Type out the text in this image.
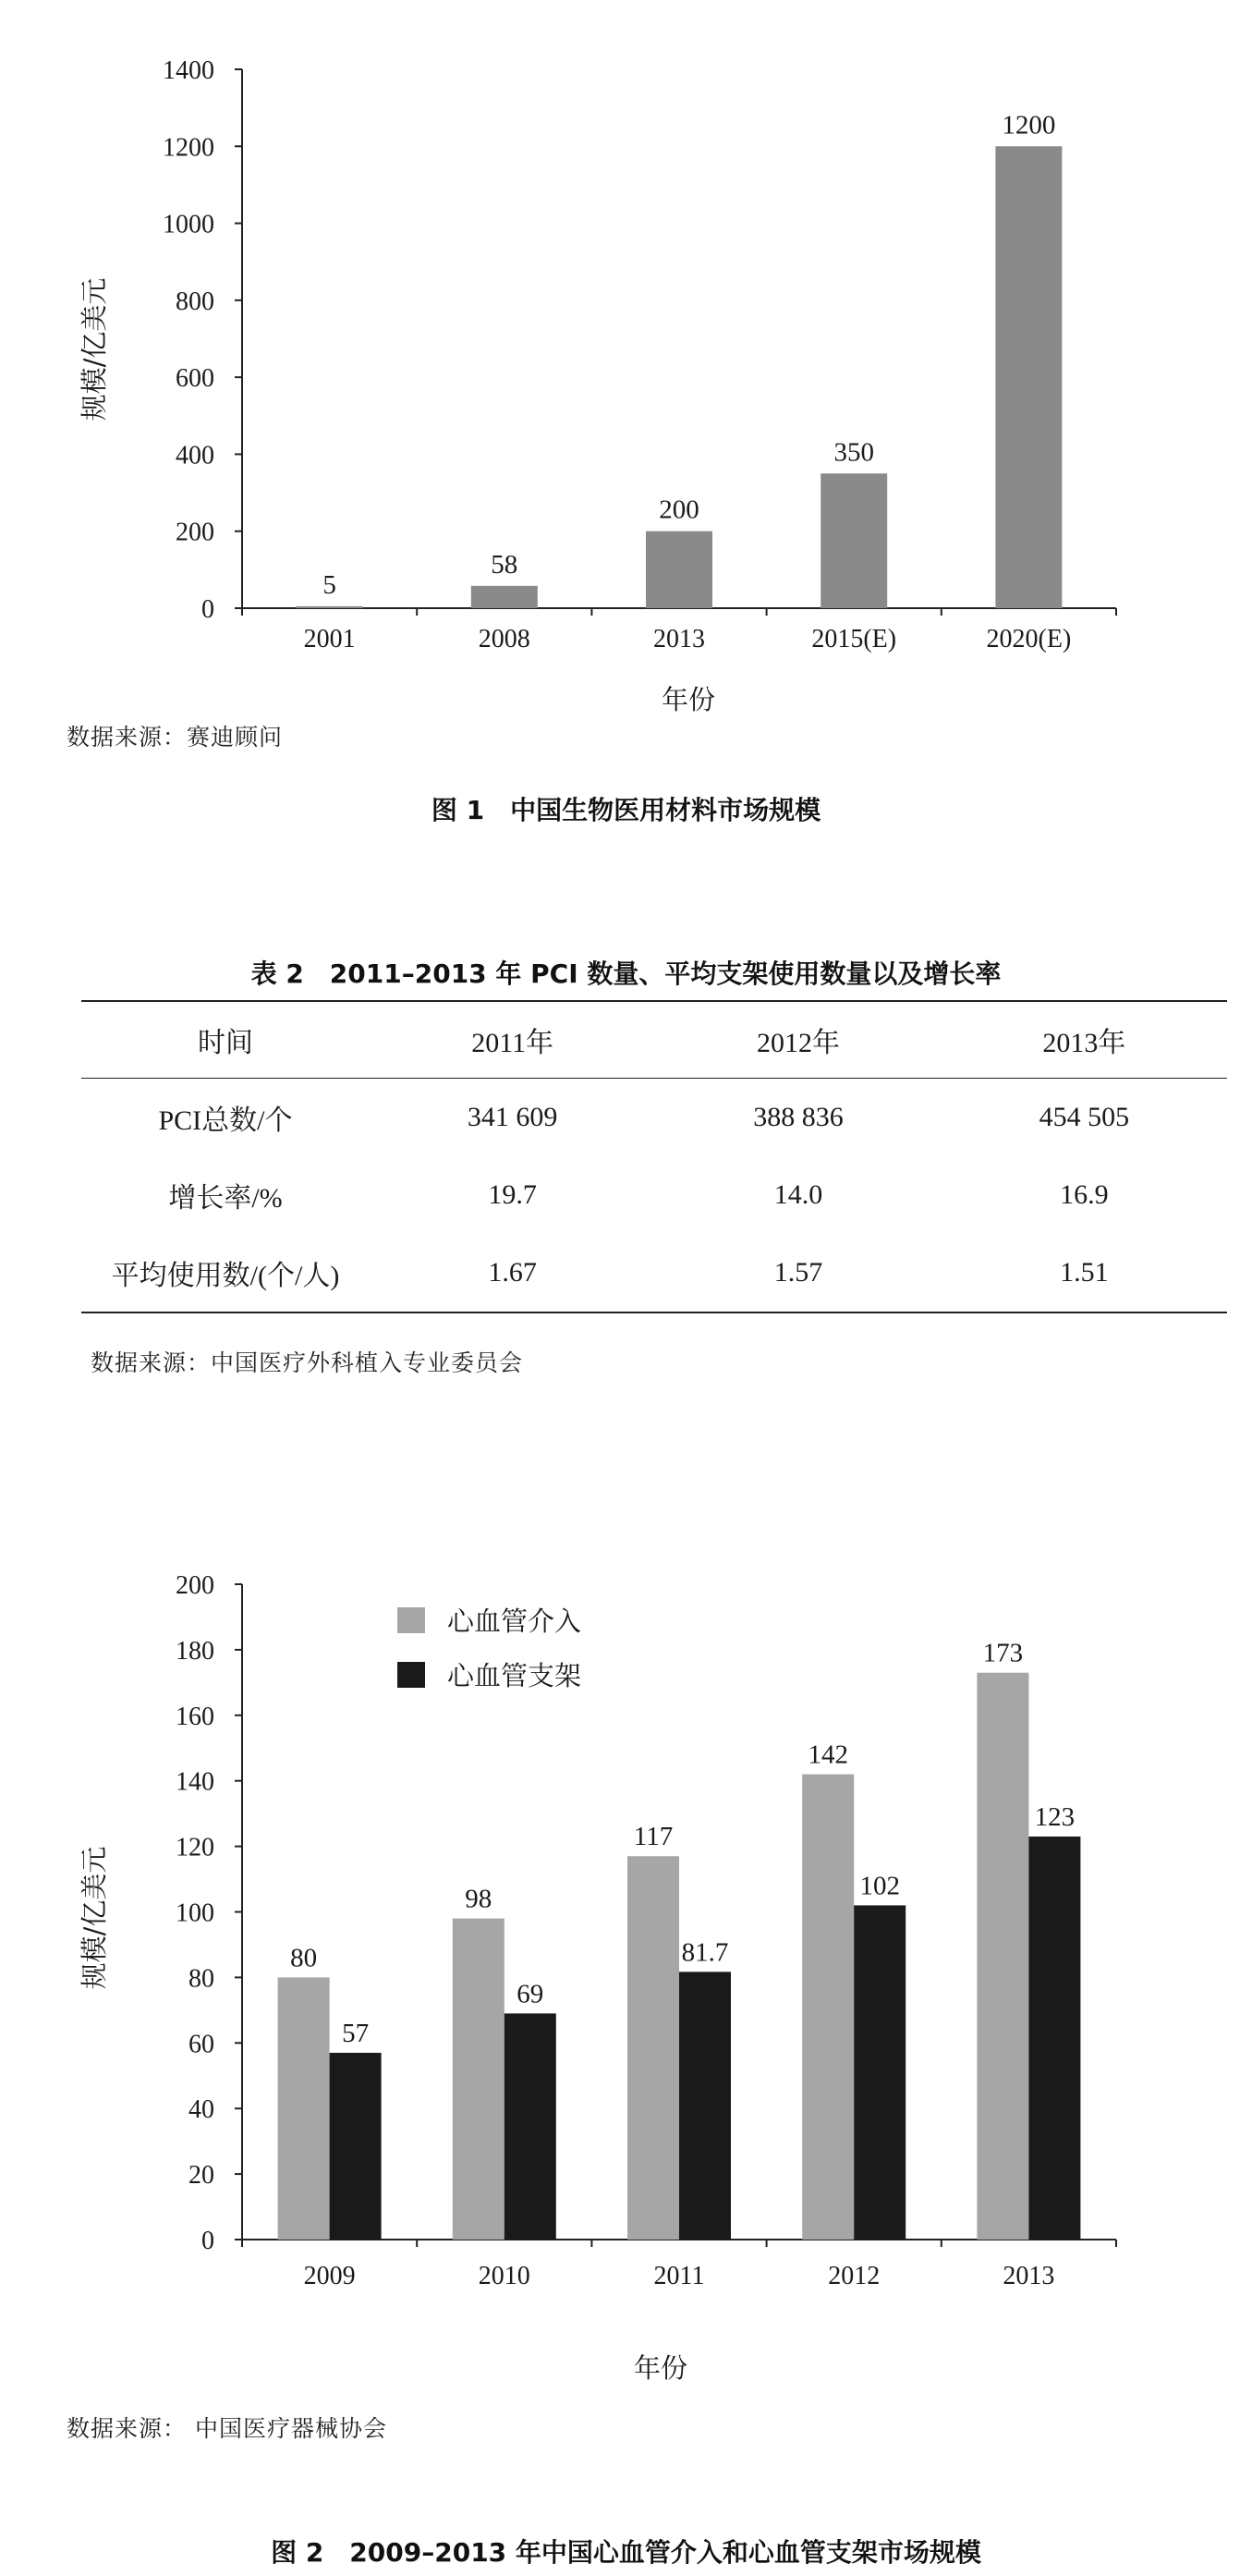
0
200
400
600
800
1000
1200
1400
5
58
200
350
1200
2001	2008	2013	2015(E)	2020(E)
年份
规模/亿美元
数据来源：赛迪顾问
图 1　中国生物医用材料市场规模
表 2　2011–2013 年 PCI 数量、平均支架使用数量以及增长率
时间	2011年	2012年	2013年
PCI总数/个	341 609	388 836	454 505
增长率/%	19.7	14.0	16.9
平均使用数/(个/人)	1.67	1.57	1.51
数据来源：中国医疗外科植入专业委员会
0
20
40
60
80
100
120
140
160
180
200
80
57
98
69
117
81.7
142
102
173
123
2009	2010	2011	2012	2013
心血管介入
心血管支架
年份
规模/亿美元
数据来源： 中国医疗器械协会
图 2　2009–2013 年中国心血管介入和心血管支架市场规模
